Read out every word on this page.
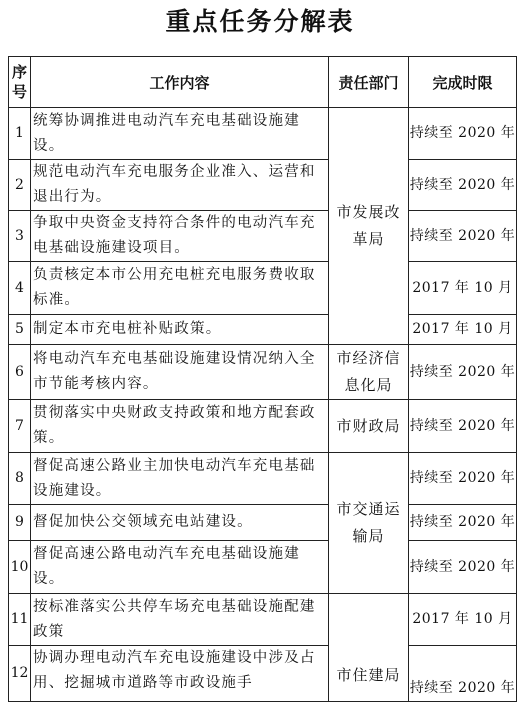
重点任务分解表
序号	工作内容	责任部门	完成时限
1	统筹协调推进电动汽车充电基础设施建设。	市发展改革局	持续至 2020 年
2	规范电动汽车充电服务企业准入、运营和退出行为。		持续至 2020 年
3	争取中央资金支持符合条件的电动汽车充电基础设施建设项目。		持续至 2020 年
4	负责核定本市公用充电桩充电服务费收取标准。		2017 年 10 月
5	制定本市充电桩补贴政策。		2017 年 10 月
6	将电动汽车充电基础设施建设情况纳入全市节能考核内容。	市经济信息化局	持续至 2020 年
7	贯彻落实中央财政支持政策和地方配套政策。	市财政局	持续至 2020 年
8	督促高速公路业主加快电动汽车充电基础设施建设。	市交通运输局	持续至 2020 年
9	督促加快公交领域充电站建设。		持续至 2020 年
10	督促高速公路电动汽车充电基础设施建设。		持续至 2020 年
11	按标准落实公共停车场充电基础设施配建政策	市住建局	2017 年 10 月
12	协调办理电动汽车充电设施建设中涉及占用、挖掘城市道路等市政设施手		持续至 2020 年
